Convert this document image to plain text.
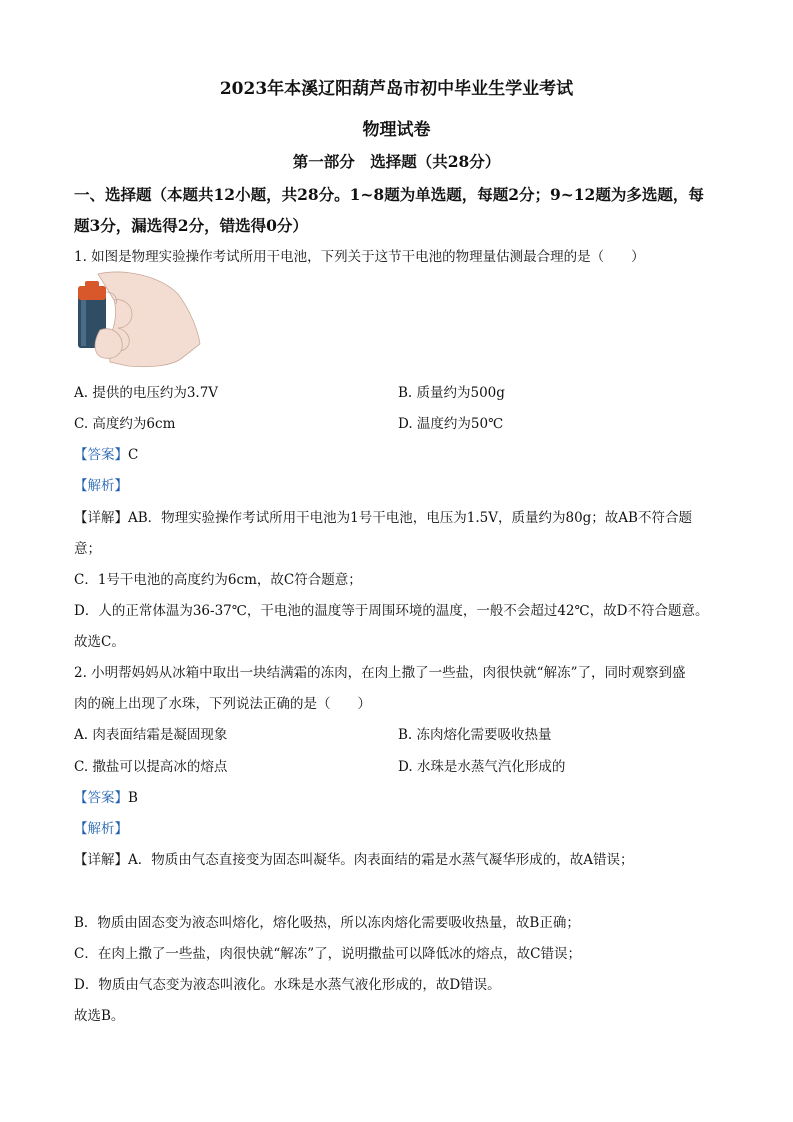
2023年本溪辽阳葫芦岛市初中毕业生学业考试
物理试卷
第一部分　选择题（共28分）
一、选择题（本题共12小题，共28分。1~8题为单选题，每题2分；9~12题为多选题，每
题3分，漏选得2分，错选得0分）
1. 如图是物理实验操作考试所用干电池，下列关于这节干电池的物理量估测最合理的是（　　）
A. 提供的电压约为3.7V	B. 质量约为500g
C. 高度约为6cm	D. 温度约为50℃
【答案】C
【解析】
【详解】AB．物理实验操作考试所用干电池为1号干电池，电压为1.5V，质量约为80g；故AB不符合题
意；
C．1号干电池的高度约为6cm，故C符合题意；
D．人的正常体温为36-37℃，干电池的温度等于周围环境的温度，一般不会超过42℃，故D不符合题意。
故选C。
2. 小明帮妈妈从冰箱中取出一块结满霜的冻肉，在肉上撒了一些盐，肉很快就“解冻”了，同时观察到盛
肉的碗上出现了水珠，下列说法正确的是（　　）
A. 肉表面结霜是凝固现象	B. 冻肉熔化需要吸收热量
C. 撒盐可以提高冰的熔点	D. 水珠是水蒸气汽化形成的
【答案】B
【解析】
【详解】A．物质由气态直接变为固态叫凝华。肉表面结的霜是水蒸气凝华形成的，故A错误；
B．物质由固态变为液态叫熔化，熔化吸热，所以冻肉熔化需要吸收热量，故B正确；
C．在肉上撒了一些盐，肉很快就“解冻”了，说明撒盐可以降低冰的熔点，故C错误；
D．物质由气态变为液态叫液化。水珠是水蒸气液化形成的，故D错误。
故选B。
